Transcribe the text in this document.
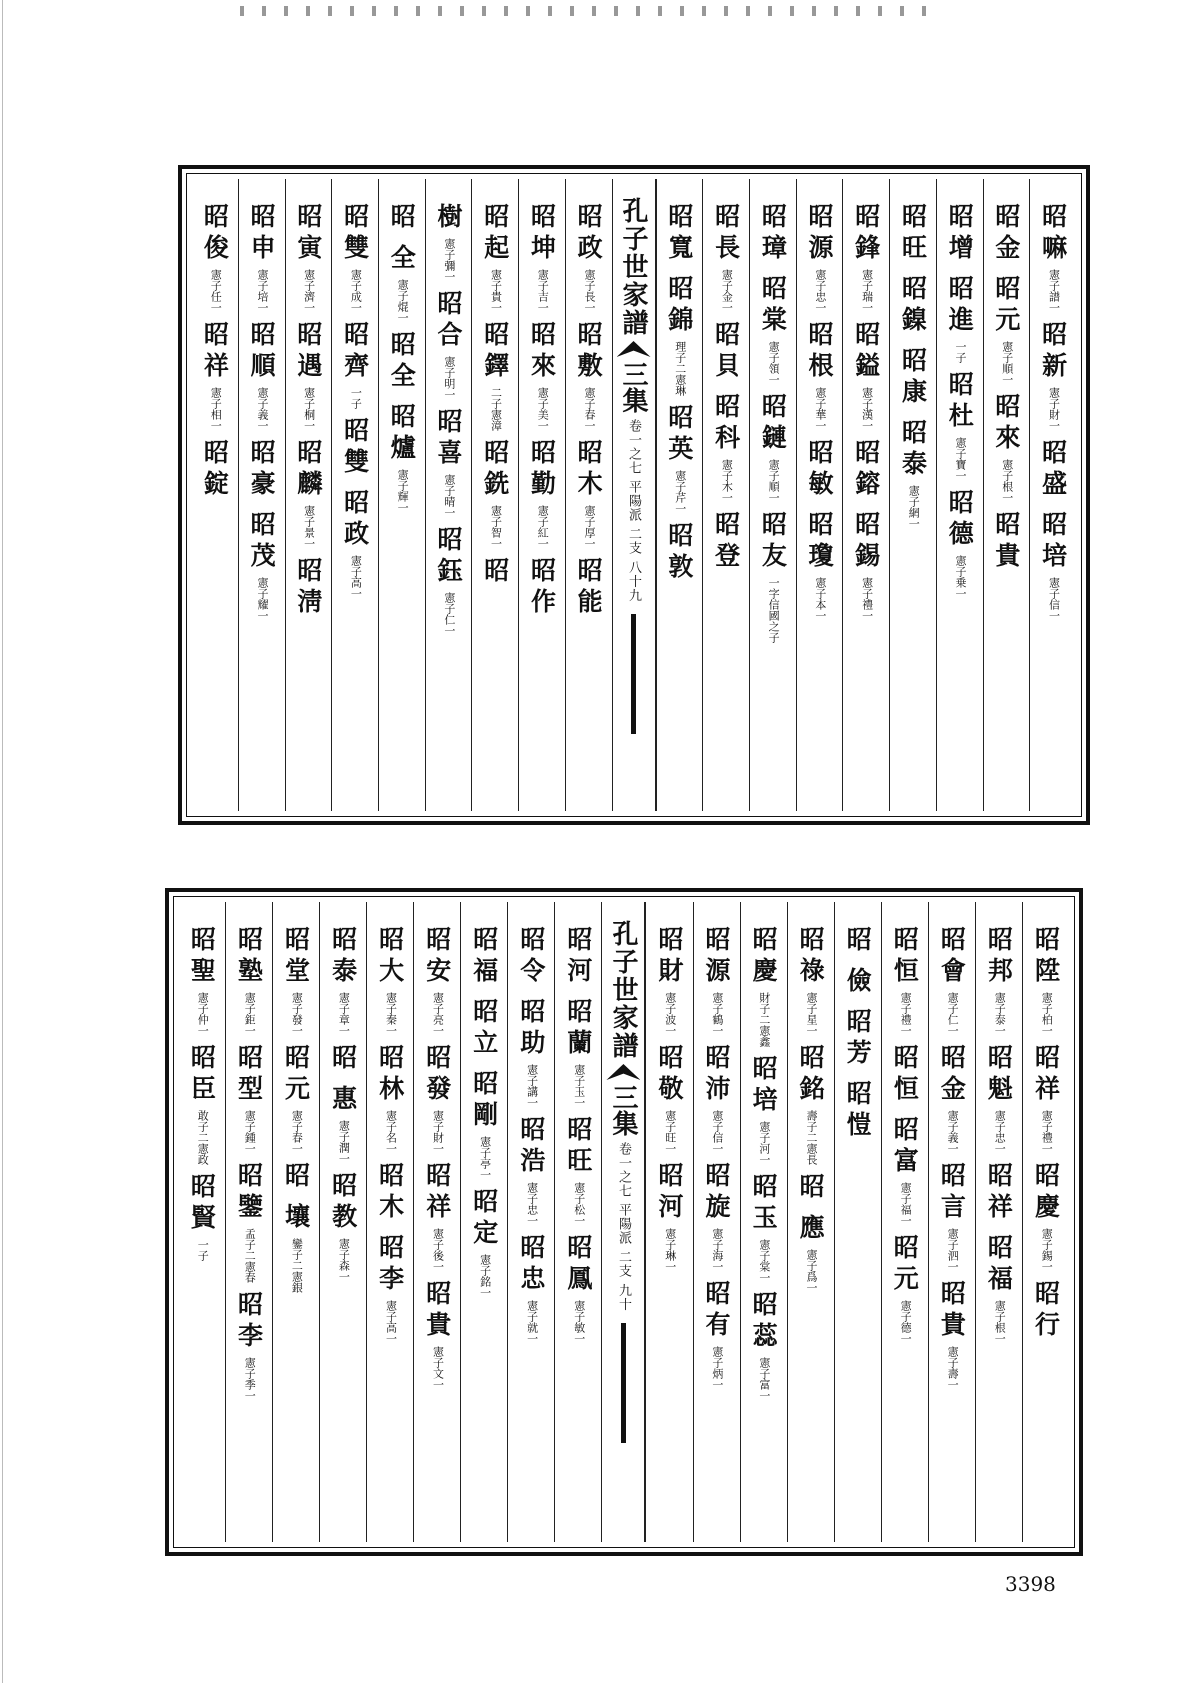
昭嘛
憲子譜一
昭新
憲子財一
昭盛
昭培
憲子信一
昭金
昭元
憲子順一
昭來
憲子根一
昭貴
昭增
昭進
一子
昭杜
憲子寶一
昭德
憲子乗一
昭旺
昭鎳
昭康
昭泰
憲子網一
昭鋒
憲子瑞一
昭鎰
憲子漢一
昭鎔
昭錫
憲子禮一
昭源
憲子忠一
昭根
憲子華一
昭敏
昭瓊
憲子本一
昭璋
昭棠
憲子領一
昭鏈
憲子順一
昭友
一字信國之子
昭長
憲子金一
昭貝
昭科
憲子木一
昭登
昭寬
昭錦
理子二憲琳
昭英
憲子芹一
昭敦
孔子世家譜
三集
卷一之七 平陽派 二支 八十九
昭政
憲子長一
昭敷
憲子春一
昭木
憲子厚一
昭能
昭坤
憲子吉一
昭來
憲子美一
昭勤
憲子紅一
昭作
昭起
憲子貴一
昭鐸
二子憲漳
昭銑
憲子智一
昭
樹
憲子彌一
昭合
憲子明一
昭喜
憲子晴一
昭鈺
憲子仁一
昭
全
憲子焜一
昭全
昭爐
憲子輝一
昭雙
憲子成一
昭齊
一子
昭雙
昭政
憲子高一
昭寅
憲子濟一
昭遇
憲子桐一
昭麟
憲子景一
昭淸
昭申
憲子培一
昭順
憲子義一
昭豪
昭茂
憲子耀一
昭俊
憲子任一
昭祥
憲子相一
昭錠
昭陞
憲子柏一
昭祥
憲子禮一
昭慶
憲子錫一
昭行
昭邦
憲子泰一
昭魁
憲子忠一
昭祥
昭福
憲子根一
昭會
憲子仁一
昭金
憲子義一
昭言
憲子泗一
昭貴
憲子壽一
昭恒
憲子禮一
昭恒
昭富
憲子福一
昭元
憲子德一
昭
儉
昭芳
昭愷
昭祿
憲子星一
昭銘
壽子二憲長
昭
應
憲子爲一
昭慶
財子二憲鑫
昭培
憲子河一
昭玉
憲子棠一
昭蕊
憲子富一
昭源
憲子鶴一
昭沛
憲子信一
昭旋
憲子海一
昭有
憲子炳一
昭財
憲子波一
昭敬
憲子旺一
昭河
憲子琳一
孔子世家譜
三集
卷一之七 平陽派 二支 九十
昭河
昭蘭
憲子玉一
昭旺
憲子松一
昭鳳
憲子敏一
昭令
昭助
憲子講一
昭浩
憲子忠一
昭忠
憲子就一
昭福
昭立
昭剛
憲子亭一
昭定
憲子銘一
昭安
憲子亮一
昭發
憲子財一
昭祥
憲子後一
昭貴
憲子文一
昭大
憲子秦一
昭林
憲子名一
昭木
昭李
憲子高一
昭泰
憲子章一
昭
惠
憲子潤一
昭教
憲子森一
昭堂
憲子發一
昭元
憲子春一
昭
壤
鑾子二憲銀
昭塾
憲子鉅一
昭型
憲子鍾一
昭鑒
孟子二憲春
昭李
憲子季一
昭聖
憲子仲一
昭臣
敢子二憲政
昭賢
一子
3398
